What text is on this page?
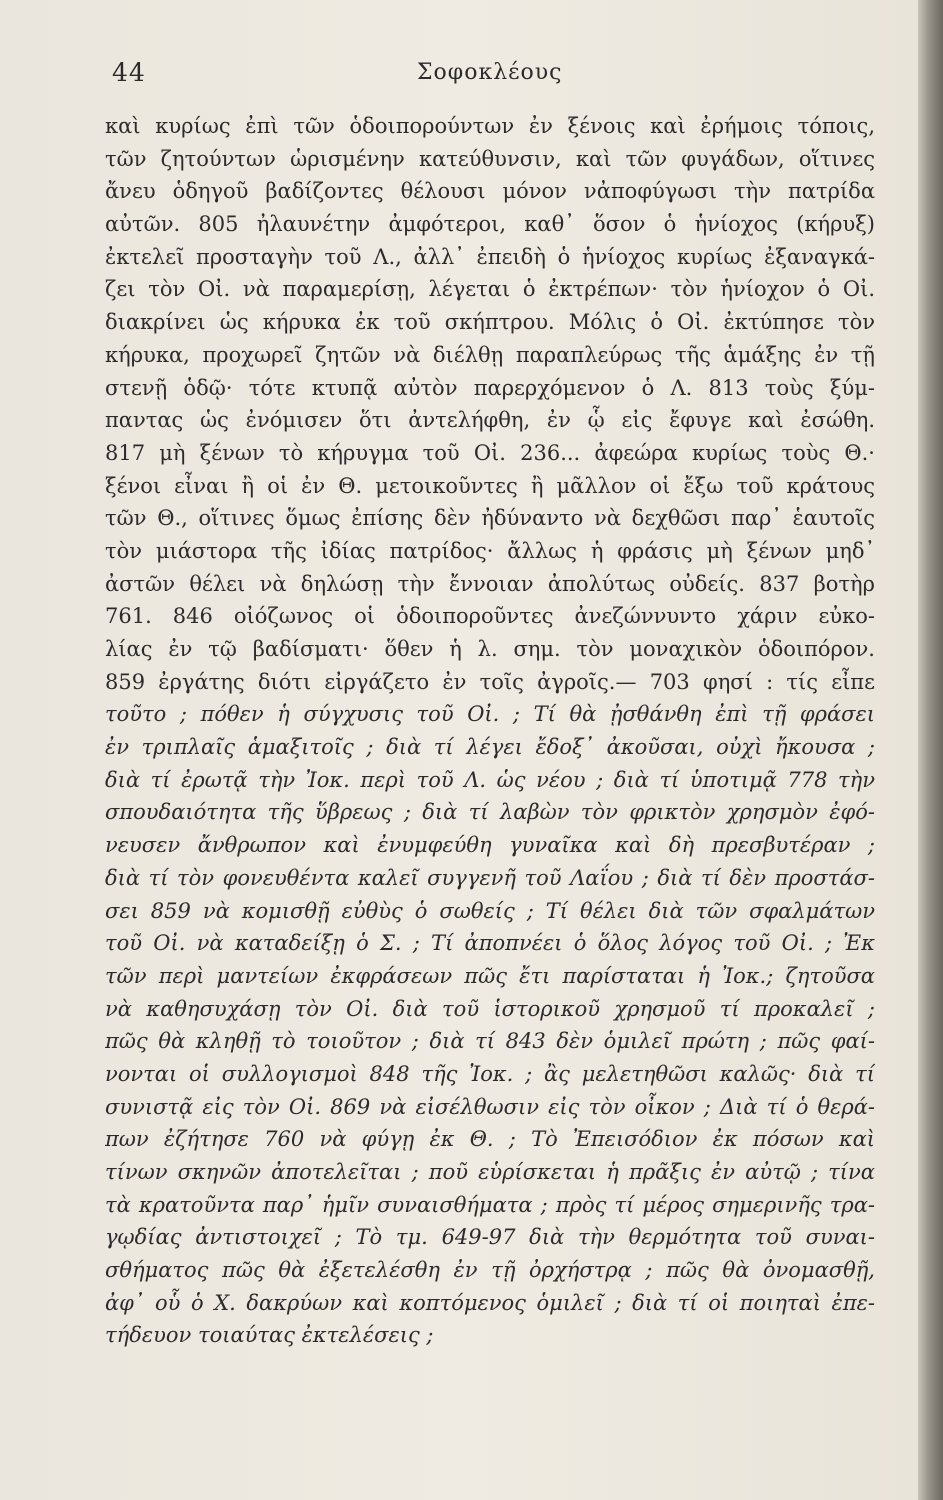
44	Σοφοκλέους
καὶ κυρίως ἐπὶ τῶν ὁδοιπορούντων ἐν ξένοις καὶ ἐρήμοις τόποις,
τῶν ζητούντων ὡρισμένην κατεύθυνσιν, καὶ τῶν φυγάδων, οἵτινες
ἄνευ ὁδηγοῦ βαδίζοντες θέλουσι μόνον νἀποφύγωσι τὴν πατρίδα
αὐτῶν. 805 ἠλαυνέτην ἀμφότεροι, καθ᾽ ὅσον ὁ ἡνίοχος (κήρυξ)
ἐκτελεῖ προσταγὴν τοῦ Λ., ἀλλ᾽ ἐπειδὴ ὁ ἡνίοχος κυρίως ἐξαναγκά-
ζει τὸν Οἰ. νὰ παραμερίσῃ, λέγεται ὁ ἐκτρέπων· τὸν ἡνίοχον ὁ Οἰ.
διακρίνει ὡς κήρυκα ἐκ τοῦ σκήπτρου. Μόλις ὁ Οἰ. ἐκτύπησε τὸν
κήρυκα, προχωρεῖ ζητῶν νὰ διέλθῃ παραπλεύρως τῆς ἁμάξης ἐν τῇ
στενῇ ὁδῷ· τότε κτυπᾷ αὐτὸν παρερχόμενον ὁ Λ. 813 τοὺς ξύμ-
παντας ὡς ἐνόμισεν ὅτι ἀντελήφθη, ἐν ᾧ εἰς ἔφυγε καὶ ἐσώθη.
817 μὴ ξένων τὸ κήρυγμα τοῦ Οἰ. 236... ἀφεώρα κυρίως τοὺς Θ.·
ξένοι εἶναι ἢ οἱ ἐν Θ. μετοικοῦντες ἢ μᾶλλον οἱ ἔξω τοῦ κράτους
τῶν Θ., οἵτινες ὅμως ἐπίσης δὲν ἠδύναντο νὰ δεχθῶσι παρ᾽ ἑαυτοῖς
τὸν μιάστορα τῆς ἰδίας πατρίδος· ἄλλως ἡ φράσις μὴ ξένων μηδ᾽
ἀστῶν θέλει νὰ δηλώσῃ τὴν ἔννοιαν ἀπολύτως οὐδείς. 837 βοτὴρ
761. 846 οἰόζωνος οἱ ὁδοιποροῦντες ἀνεζώννυντο χάριν εὐκο-
λίας ἐν τῷ βαδίσματι· ὅθεν ἡ λ. σημ. τὸν μοναχικὸν ὁδοιπόρον.
859 ἐργάτης διότι εἰργάζετο ἐν τοῖς ἀγροῖς.— 703 φησί : τίς εἶπε
τοῦτο ; πόθεν ἡ σύγχυσις τοῦ Οἰ. ; Τί θὰ ᾐσθάνθη ἐπὶ τῇ φράσει
ἐν τριπλαῖς ἁμαξιτοῖς ; διὰ τί λέγει ἔδοξ᾽ ἀκοῦσαι, οὐχὶ ἤκουσα ;
διὰ τί ἐρωτᾷ τὴν Ἰοκ. περὶ τοῦ Λ. ὡς νέου ; διὰ τί ὑποτιμᾷ 778 τὴν
σπουδαιότητα τῆς ὕβρεως ; διὰ τί λαβὼν τὸν φρικτὸν χρησμὸν ἐφό-
νευσεν ἄνθρωπον καὶ ἐνυμφεύθη γυναῖκα καὶ δὴ πρεσβυτέραν ;
διὰ τί τὸν φονευθέντα καλεῖ συγγενῆ τοῦ Λαΐου ; διὰ τί δὲν προστάσ-
σει 859 νὰ κομισθῇ εὐθὺς ὁ σωθείς ; Τί θέλει διὰ τῶν σφαλμάτων
τοῦ Οἰ. νὰ καταδείξῃ ὁ Σ. ; Τί ἀποπνέει ὁ ὅλος λόγος τοῦ Οἰ. ; Ἐκ
τῶν περὶ μαντείων ἐκφράσεων πῶς ἔτι παρίσταται ἡ Ἰοκ.; ζητοῦσα
νὰ καθησυχάσῃ τὸν Οἰ. διὰ τοῦ ἱστορικοῦ χρησμοῦ τί προκαλεῖ ;
πῶς θὰ κληθῇ τὸ τοιοῦτον ; διὰ τί 843 δὲν ὁμιλεῖ πρώτη ; πῶς φαί-
νονται οἱ συλλογισμοὶ 848 τῆς Ἰοκ. ; ἂς μελετηθῶσι καλῶς· διὰ τί
συνιστᾷ εἰς τὸν Οἰ. 869 νὰ εἰσέλθωσιν εἰς τὸν οἶκον ; Διὰ τί ὁ θερά-
πων ἐζήτησε 760 νὰ φύγῃ ἐκ Θ. ; Τὸ Ἐπεισόδιον ἐκ πόσων καὶ
τίνων σκηνῶν ἀποτελεῖται ; ποῦ εὑρίσκεται ἡ πρᾶξις ἐν αὐτῷ ; τίνα
τὰ κρατοῦντα παρ᾽ ἡμῖν συναισθήματα ; πρὸς τί μέρος σημερινῆς τρα-
γῳδίας ἀντιστοιχεῖ ; Τὸ τμ. 649-97 διὰ τὴν θερμότητα τοῦ συναι-
σθήματος πῶς θὰ ἐξετελέσθη ἐν τῇ ὀρχήστρᾳ ; πῶς θὰ ὀνομασθῇ,
ἀφ᾽ οὗ ὁ Χ. δακρύων καὶ κοπτόμενος ὁμιλεῖ ; διὰ τί οἱ ποιηταὶ ἐπε-
τήδευον τοιαύτας ἐκτελέσεις ;
